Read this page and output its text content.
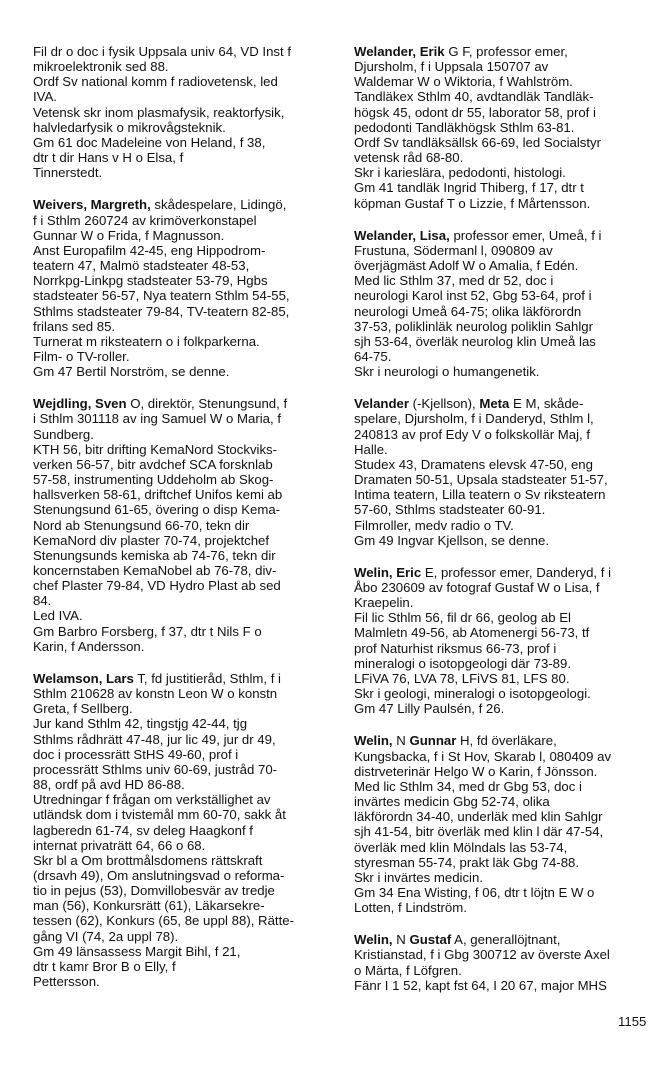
Fil dr o doc i fysik Uppsala univ 64, VD Inst f
mikroelektronik sed 88.
Ordf Sv national komm f radiovetensk, led
IVA.
Vetensk skr inom plasmafysik, reaktorfysik,
halvledarfysik o mikrovågsteknik.
Gm 61 doc Madeleine von Heland, f 38,
dtr t dir Hans v H o Elsa, f
Tinnerstedt.
Weivers, Margreth, skådespelare, Lidingö,
f i Sthlm 260724 av krimöverkonstapel
Gunnar W o Frida, f Magnusson.
Anst Europafilm 42-45, eng Hippodrom-
teatern 47, Malmö stadsteater 48-53,
Norrkpg-Linkpg stadsteater 53-79, Hgbs
stadsteater 56-57, Nya teatern Sthlm 54-55,
Sthlms stadsteater 79-84, TV-teatern 82-85,
frilans sed 85.
Turnerat m riksteatern o i folkparkerna.
Film- o TV-roller.
Gm 47 Bertil Norström, se denne.
Wejdling, Sven O, direktör, Stenungsund, f
i Sthlm 301118 av ing Samuel W o Maria, f
Sundberg.
KTH 56, bitr drifting KemaNord Stockviks-
verken 56-57, bitr avdchef SCA forsknlab
57-58, instrumenting Uddeholm ab Skog-
hallsverken 58-61, driftchef Unifos kemi ab
Stenungsund 61-65, övering o disp Kema-
Nord ab Stenungsund 66-70, tekn dir
KemaNord div plaster 70-74, projektchef
Stenungsunds kemiska ab 74-76, tekn dir
koncernstaben KemaNobel ab 76-78, div-
chef Plaster 79-84, VD Hydro Plast ab sed
84.
Led IVA.
Gm Barbro Forsberg, f 37, dtr t Nils F o
Karin, f Andersson.
Welamson, Lars T, fd justitieråd, Sthlm, f i
Sthlm 210628 av konstn Leon W o konstn
Greta, f Sellberg.
Jur kand Sthlm 42, tingstjg 42-44, tjg
Sthlms rådhrätt 47-48, jur lic 49, jur dr 49,
doc i processrätt StHS 49-60, prof i
processrätt Sthlms univ 60-69, justråd 70-
88, ordf på avd HD 86-88.
Utredningar f frågan om verkställighet av
utländsk dom i tvistemål mm 60-70, sakk åt
lagberedn 61-74, sv deleg Haagkonf f
internat privaträtt 64, 66 o 68.
Skr bl a Om brottmålsdomens rättskraft
(drsavh 49), Om anslutningsvad o reforma-
tio in pejus (53), Domvillobesvär av tredje
man (56), Konkursrätt (61), Läkarsekre-
tessen (62), Konkurs (65, 8e uppl 88), Rätte-
gång VI (74, 2a uppl 78).
Gm 49 länsassess Margit Bihl, f 21,
dtr t kamr Bror B o Elly, f
Pettersson.
Welander, Erik G F, professor emer,
Djursholm, f i Uppsala 150707 av
Waldemar W o Wiktoria, f Wahlström.
Tandläkex Sthlm 40, avdtandläk Tandläk-
högsk 45, odont dr 55, laborator 58, prof i
pedodonti Tandläkhögsk Sthlm 63-81.
Ordf Sv tandläksällsk 66-69, led Socialstyr
vetensk råd 68-80.
Skr i karieslära, pedodonti, histologi.
Gm 41 tandläk Ingrid Thiberg, f 17, dtr t
köpman Gustaf T o Lizzie, f Mårtensson.
Welander, Lisa, professor emer, Umeå, f i
Frustuna, Södermanl l, 090809 av
överjägmäst Adolf W o Amalia, f Edén.
Med lic Sthlm 37, med dr 52, doc i
neurologi Karol inst 52, Gbg 53-64, prof i
neurologi Umeå 64-75; olika läkförordn
37-53, poliklinläk neurolog poliklin Sahlgr
sjh 53-64, överläk neurolog klin Umeå las
64-75.
Skr i neurologi o humangenetik.
Velander (-Kjellson), Meta E M, skåde-
spelare, Djursholm, f i Danderyd, Sthlm l,
240813 av prof Edy V o folkskollär Maj, f
Halle.
Studex 43, Dramatens elevsk 47-50, eng
Dramaten 50-51, Upsala stadsteater 51-57,
Intima teatern, Lilla teatern o Sv riksteatern
57-60, Sthlms stadsteater 60-91.
Filmroller, medv radio o TV.
Gm 49 Ingvar Kjellson, se denne.
Welin, Eric E, professor emer, Danderyd, f i
Åbo 230609 av fotograf Gustaf W o Lisa, f
Kraepelin.
Fil lic Sthlm 56, fil dr 66, geolog ab El
Malmletn 49-56, ab Atomenergi 56-73, tf
prof Naturhist riksmus 66-73, prof i
mineralogi o isotopgeologi där 73-89.
LFiVA 76, LVA 78, LFiVS 81, LFS 80.
Skr i geologi, mineralogi o isotopgeologi.
Gm 47 Lilly Paulsén, f 26.
Welin, N Gunnar H, fd överläkare,
Kungsbacka, f i St Hov, Skarab l, 080409 av
distrveterinär Helgo W o Karin, f Jönsson.
Med lic Sthlm 34, med dr Gbg 53, doc i
invärtes medicin Gbg 52-74, olika
läkförordn 34-40, underläk med klin Sahlgr
sjh 41-54, bitr överläk med klin l där 47-54,
överläk med klin Mölndals las 53-74,
styresman 55-74, prakt läk Gbg 74-88.
Skr i invärtes medicin.
Gm 34 Ena Wisting, f 06, dtr t löjtn E W o
Lotten, f Lindström.
Welin, N Gustaf A, generallöjtnant,
Kristianstad, f i Gbg 300712 av överste Axel
o Märta, f Löfgren.
Fänr I 1 52, kapt fst 64, I 20 67, major MHS
1155
